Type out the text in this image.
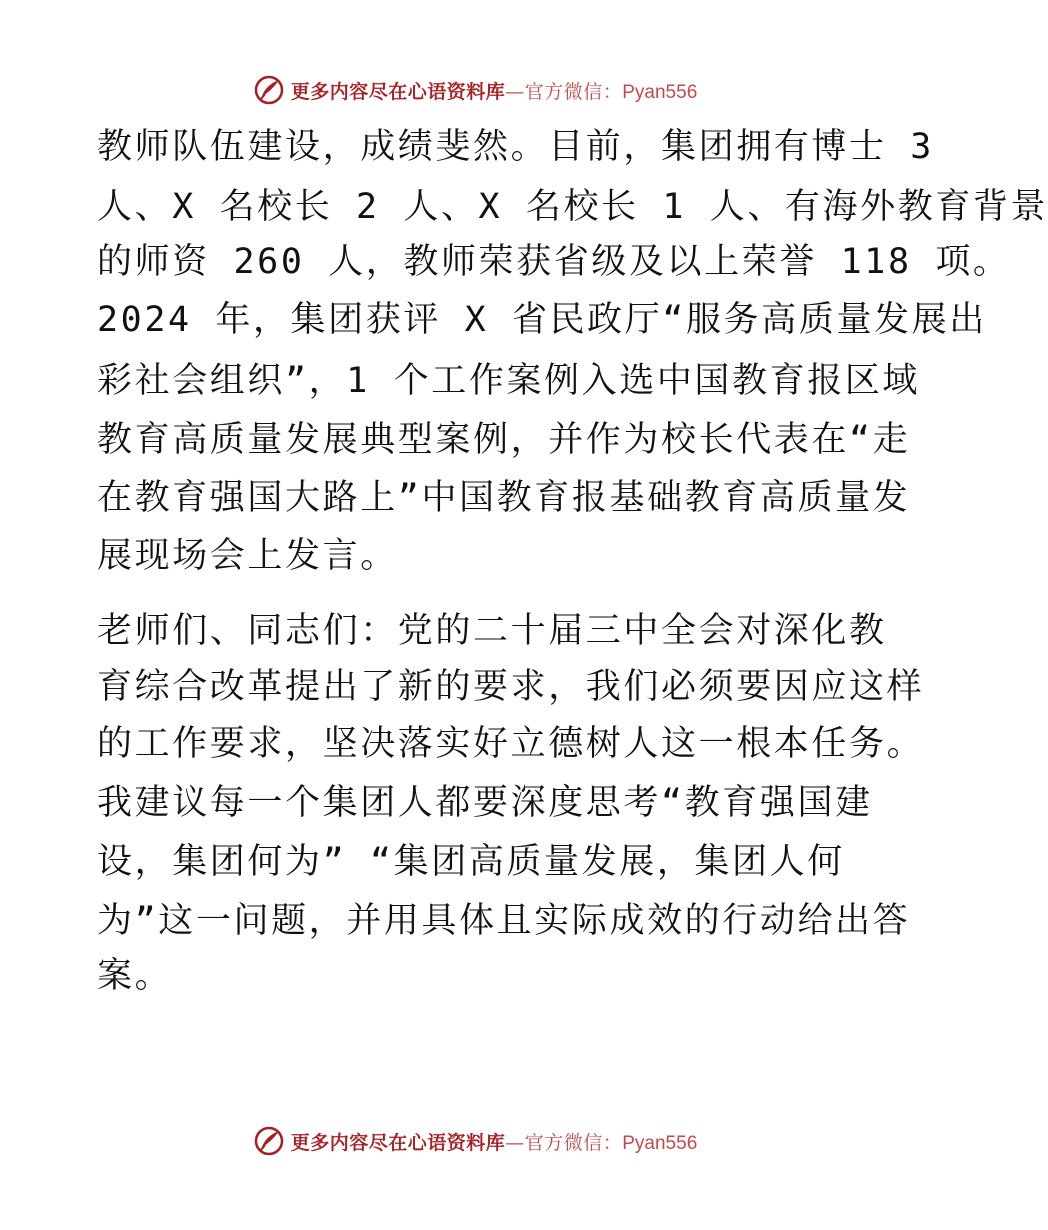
更多内容尽在心语资料库 — 官方微信： Pyan556
教师队伍建设，成绩斐然。目前，集团拥有博士 3
人、X 名校长 2 人、X 名校长 1 人、有海外教育背景
的师资 260 人，教师荣获省级及以上荣誉 118 项。
2024 年，集团获评 X 省民政厅“服务高质量发展出
彩社会组织”，1 个工作案例入选中国教育报区域
教育高质量发展典型案例，并作为校长代表在“走
在教育强国大路上”中国教育报基础教育高质量发
展现场会上发言。
老师们、同志们：党的二十届三中全会对深化教
育综合改革提出了新的要求，我们必须要因应这样
的工作要求，坚决落实好立德树人这一根本任务。
我建议每一个集团人都要深度思考“教育强国建
设，集团何为” “集团高质量发展，集团人何
为”这一问题，并用具体且实际成效的行动给出答
案。
更多内容尽在心语资料库 — 官方微信： Pyan556
